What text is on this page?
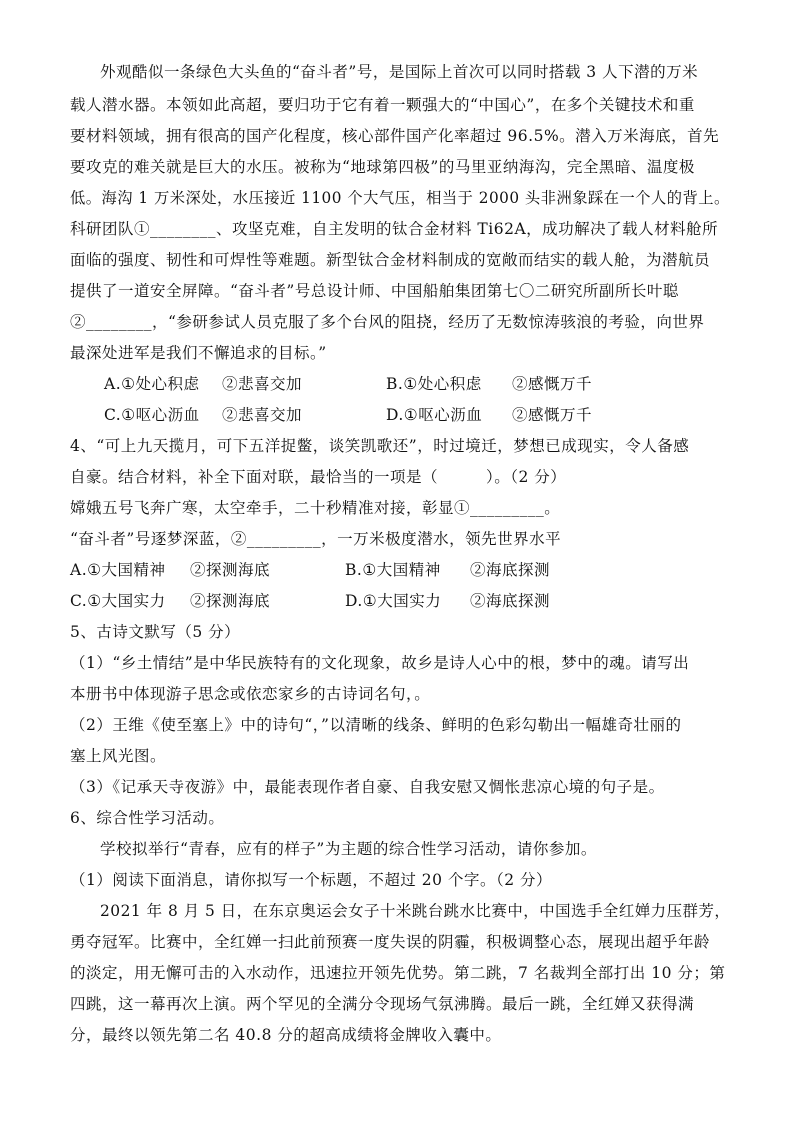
外观酷似一条绿色大头鱼的“奋斗者”号，是国际上首次可以同时搭载 3 人下潜的万米
载人潜水器。本领如此高超，要归功于它有着一颗强大的“中国心”，在多个关键技术和重
要材料领域，拥有很高的国产化程度，核心部件国产化率超过 96.5%。潜入万米海底，首先
要攻克的难关就是巨大的水压。被称为“地球第四极”的马里亚纳海沟，完全黑暗、温度极
低。海沟 1 万米深处，水压接近 1100 个大气压，相当于 2000 头非洲象踩在一个人的背上。
科研团队①________、攻坚克难，自主发明的钛合金材料 Ti62A，成功解决了载人材料舱所
面临的强度、韧性和可焊性等难题。新型钛合金材料制成的宽敞而结实的载人舱，为潜航员
提供了一道安全屏障。“奋斗者”号总设计师、中国船舶集团第七〇二研究所副所长叶聪
②________，“参研参试人员克服了多个台风的阻挠，经历了无数惊涛骇浪的考验，向世界
最深处进军是我们不懈追求的目标。”
A.①处心积虑 ②悲喜交加	B.①处心积虑 ②感慨万千
C.①呕心沥血 ②悲喜交加	D.①呕心沥血 ②感慨万千
4、“可上九天揽月，可下五洋捉鳖，谈笑凯歌还”，时过境迁，梦想已成现实，令人备感
自豪。结合材料，补全下面对联，最恰当的一项是（　　　）。（2 分）
嫦娥五号飞奔广寒，太空牵手，二十秒精准对接，彰显①_________。
“奋斗者”号逐梦深蓝，②_________，一万米极度潜水，领先世界水平
A.①大国精神 ②探测海底	B.①大国精神 ②海底探测
C.①大国实力 ②探测海底	D.①大国实力 ②海底探测
5、古诗文默写（5 分）
（1）“乡土情结”是中华民族特有的文化现象，故乡是诗人心中的根，梦中的魂。请写出
本册书中体现游子思念或依恋家乡的古诗词名句，。
（2）王维《使至塞上》中的诗句“，”以清晰的线条、鲜明的色彩勾勒出一幅雄奇壮丽的
塞上风光图。
（3）《记承天寺夜游》中，最能表现作者自豪、自我安慰又惆怅悲凉心境的句子是。
6、综合性学习活动。
学校拟举行“青春，应有的样子”为主题的综合性学习活动，请你参加。
（1）阅读下面消息，请你拟写一个标题，不超过 20 个字。（2 分）
2021 年 8 月 5 日，在东京奥运会女子十米跳台跳水比赛中，中国选手全红婵力压群芳，
勇夺冠军。比赛中，全红婵一扫此前预赛一度失误的阴霾，积极调整心态，展现出超乎年龄
的淡定，用无懈可击的入水动作，迅速拉开领先优势。第二跳，7 名裁判全部打出 10 分；第
四跳，这一幕再次上演。两个罕见的全满分令现场气氛沸腾。最后一跳，全红婵又获得满
分，最终以领先第二名 40.8 分的超高成绩将金牌收入囊中。
